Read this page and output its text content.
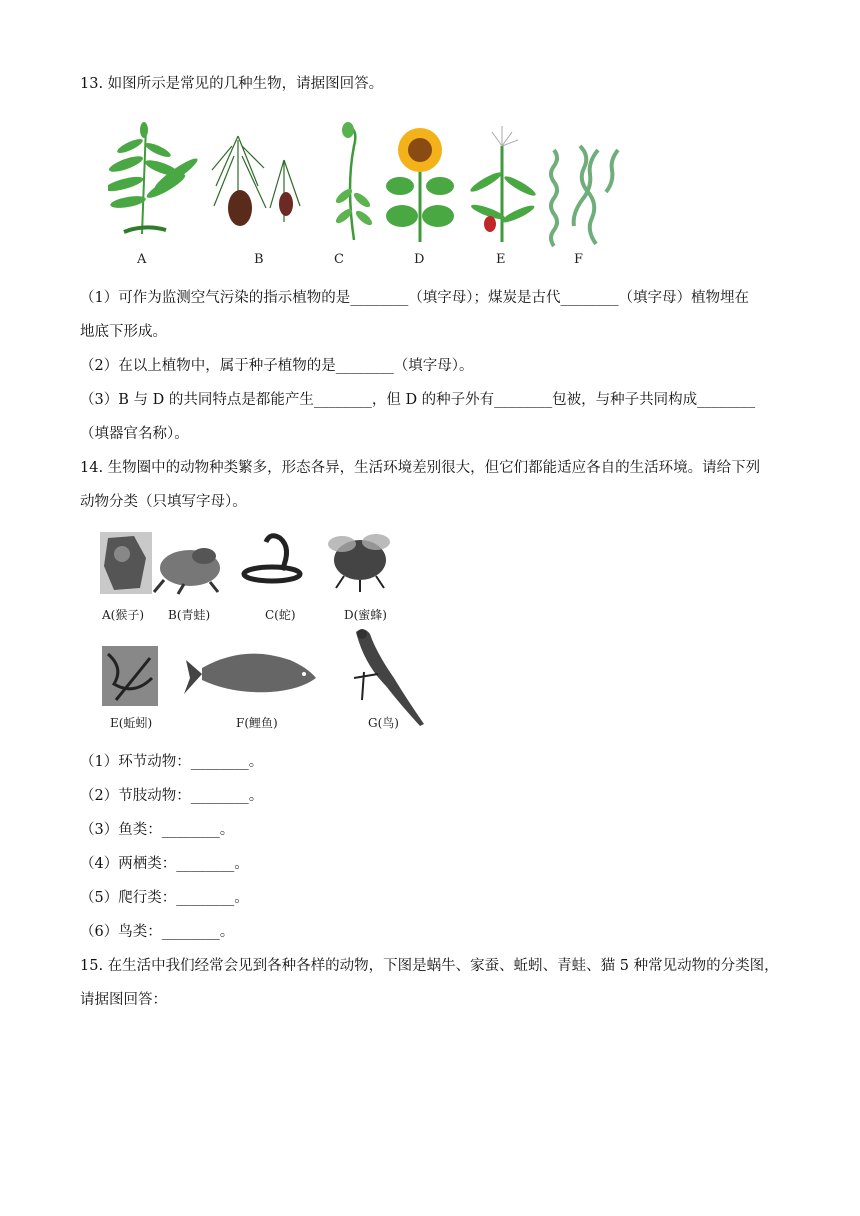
13. 如图所示是常见的几种生物，请据图回答。
A	B	C	D	E	F
（1）可作为监测空气污染的指示植物的是________（填字母）；煤炭是古代________（填字母）植物埋在
地底下形成。
（2）在以上植物中，属于种子植物的是________（填字母）。
（3）B 与 D 的共同特点是都能产生________，但 D 的种子外有________包被，与种子共同构成________
（填器官名称）。
14. 生物圈中的动物种类繁多，形态各异，生活环境差别很大，但它们都能适应各自的生活环境。请给下列
动物分类（只填写字母）。
A(猴子) B(青蛙)	C(蛇)	D(蜜蜂)
E(蚯蚓)	F(鲤鱼)	G(鸟)
（1）环节动物：________。
（2）节肢动物：________。
（3）鱼类：________。
（4）两栖类：________。
（5）爬行类：________。
（6）鸟类：________。
15. 在生活中我们经常会见到各种各样的动物，下图是蜗牛、家蚕、蚯蚓、青蛙、猫 5 种常见动物的分类图，
请据图回答：
